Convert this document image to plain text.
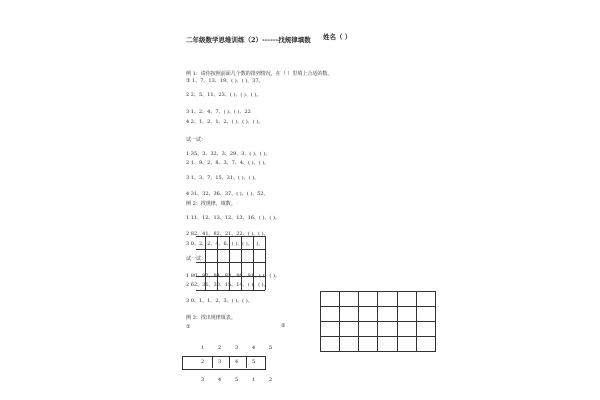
二年级数学思维训练（2）------找规律填数 姓名（ ）
例 1：请你按照前面几个数的排列情况，在（ ）里填上合适的数。
① 1、7、13、19、( )、( )、37。
2 2、5、11、23、( )、( )、( )。
3 1、2、4、7、( )、( )、22
4 2、1、2、1、2、( )、( )、( )。
试一试：
1 35、3、32、3、29、3、( )、( )。
2 1、9、2、8、3、7、4、( )、( )。
3 1、3、7、15、31、( )、( )。
4 31、32、36、37、( )、( )、52。
例 2：找规律，填数。
1 11、12、13、12、13、16、( )、( )。
2 82、41、82、21、22、( )、( )。
3 0、2、2、4、6、( )、( )、( )。
试一试：
1 80、82、84、83、86、81、( )、( )。
2 62、31、30、15、14、( )、( )。
3 0、1、1、2、3、( )、( )。
例 3：找出规律填表。
①	②
1	2	3	4	5
2	3	4	5
3	4	5	1	2
